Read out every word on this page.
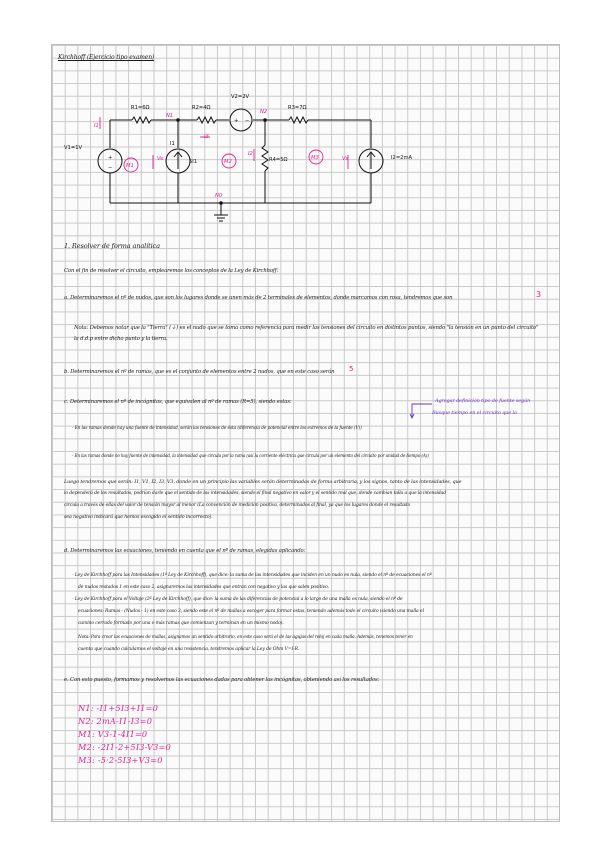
Kirchhoff (Ejercicio tipo examen)
+
−
+ −
R1=6Ω	R2=4Ω
V2=2V
R3=7Ω
R4=5Ω
V1=1V
I2=2mA
5I1
I1
N0
N1
N2
M1
M2
M3
I1
I2
I3
Ve	Vs
1. Resolver de forma analítica
Con el fin de resolver el circuito, emplearemos los conceptos de la Ley de Kirchhoff:
a. Determinaremos el nº de nudos, que son los lugares donde se unen más de 2 terminales de elementos, donde marcamos con rosa, tendremos que son	3
Nota: Debemos notar que la "Tierra" (⏚) es el nudo que se toma como referencia para medir las tensiones del circuito en distintos puntos, siendo "la tensión en un punto del circuito" la d.d.p entre dicho punto y la tierra.
b. Determinaremos el nº de ramas, que es el conjunto de elementos entre 2 nudos, que en este caso serán 5
c. Determinaremos el nº de incógnitas, que equivalen al nº de ramas (R=5), siendo estas:	Agregar definición tipo de fuente según
Busque tiempo en el circuito que la
- En las ramas donde hay una fuente de intensidad, serán las tensiones de ésta (diferencia de potencial entre los extremos de la fuente (V))
- En las ramas donde no hay fuente de intensidad, la intensidad que circula por la rama (así la corriente eléctrica que circula por un elemento del circuito por unidad de tiempo (A))
Luego tendremos que serán: I1, V1, I2, I3, V3, donde en un principio las variables serán determinadas de forma arbitraria, y los signos, tanto de las intensidades, que
lo dependerá de los resultados, podrían darle que el sentido de las intensidades, siendo el final negativo en valor y el sentido real que, donde cambian talla a que la intensidad
circula a través de ellas del valor de tensión mayor al menor (La convención de medición positiva, determinados al final, ya que los lugares donde el resultado
sea negativo indicará que hemos escogido el sentido incorrecto).
d. Determinaremos las ecuaciones, teniendo en cuenta que el nº de ramas, elegidas aplicando:
- Ley de Kirchhoff para las Intensidades (1ª Ley de Kirchhoff), que dice: la suma de las intensidades que inciden en un nudo es nula, siendo el nº de ecuaciones el nº
de nudos restados 1 en este caso 2, asignaremos las intensidades que entran con negativo y las que salen positivo.
- Ley de Kirchhoff para el Voltaje (2ª Ley de Kirchhoff), que dice: la suma de las diferencias de potencial a lo largo de una malla es nula, siendo el nº de
ecuaciones: Ramas - (Nudos - 1) en este caso 3, siendo este el nº de mallas a escoger para formar estas, teniendo además todo el circuito (siendo una malla el
camino cerrado formado por una o más ramas que comienzan y terminan en un mismo nodo).
Nota: Para crear las ecuaciones de mallas, asignamos un sentido arbitrario, en este caso será el de las agujas del reloj en cada malla. Además, tenemos tener en
cuenta que cuando calculamos el voltaje en una resistencia, tendremos aplicar la Ley de Ohm V=I·R.
e. Con esto puesto, formamos y resolvemos las ecuaciones dadas para obtener las incógnitas, obteniendo así los resultados:
N1: -I1+5I3+I1=0
N2: 2mA-I1-I3=0
M1: V3-1-4I1=0
M2: -2I1-2+5I3-V3=0
M3: -5·2-5I3+V3=0
